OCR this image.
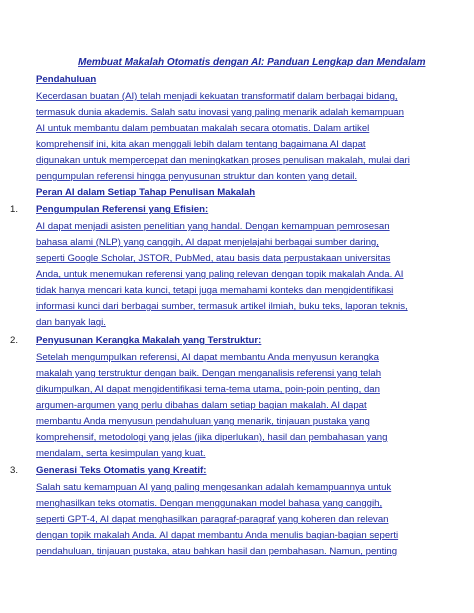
Membuat Makalah Otomatis dengan AI: Panduan Lengkap dan Mendalam
Pendahuluan
Kecerdasan buatan (AI) telah menjadi kekuatan transformatif dalam berbagai bidang,
termasuk dunia akademis. Salah satu inovasi yang paling menarik adalah kemampuan
AI untuk membantu dalam pembuatan makalah secara otomatis. Dalam artikel
komprehensif ini, kita akan menggali lebih dalam tentang bagaimana AI dapat
digunakan untuk mempercepat dan meningkatkan proses penulisan makalah, mulai dari
pengumpulan referensi hingga penyusunan struktur dan konten yang detail.
Peran AI dalam Setiap Tahap Penulisan Makalah
1. Pengumpulan Referensi yang Efisien:
AI dapat menjadi asisten penelitian yang handal. Dengan kemampuan pemrosesan
bahasa alami (NLP) yang canggih, AI dapat menjelajahi berbagai sumber daring,
seperti Google Scholar, JSTOR, PubMed, atau basis data perpustakaan universitas
Anda, untuk menemukan referensi yang paling relevan dengan topik makalah Anda. AI
tidak hanya mencari kata kunci, tetapi juga memahami konteks dan mengidentifikasi
informasi kunci dari berbagai sumber, termasuk artikel ilmiah, buku teks, laporan teknis,
dan banyak lagi.
2. Penyusunan Kerangka Makalah yang Terstruktur:
Setelah mengumpulkan referensi, AI dapat membantu Anda menyusun kerangka
makalah yang terstruktur dengan baik. Dengan menganalisis referensi yang telah
dikumpulkan, AI dapat mengidentifikasi tema-tema utama, poin-poin penting, dan
argumen-argumen yang perlu dibahas dalam setiap bagian makalah. AI dapat
membantu Anda menyusun pendahuluan yang menarik, tinjauan pustaka yang
komprehensif, metodologi yang jelas (jika diperlukan), hasil dan pembahasan yang
mendalam, serta kesimpulan yang kuat.
3. Generasi Teks Otomatis yang Kreatif:
Salah satu kemampuan AI yang paling mengesankan adalah kemampuannya untuk
menghasilkan teks otomatis. Dengan menggunakan model bahasa yang canggih,
seperti GPT-4, AI dapat menghasilkan paragraf-paragraf yang koheren dan relevan
dengan topik makalah Anda. AI dapat membantu Anda menulis bagian-bagian seperti
pendahuluan, tinjauan pustaka, atau bahkan hasil dan pembahasan. Namun, penting
